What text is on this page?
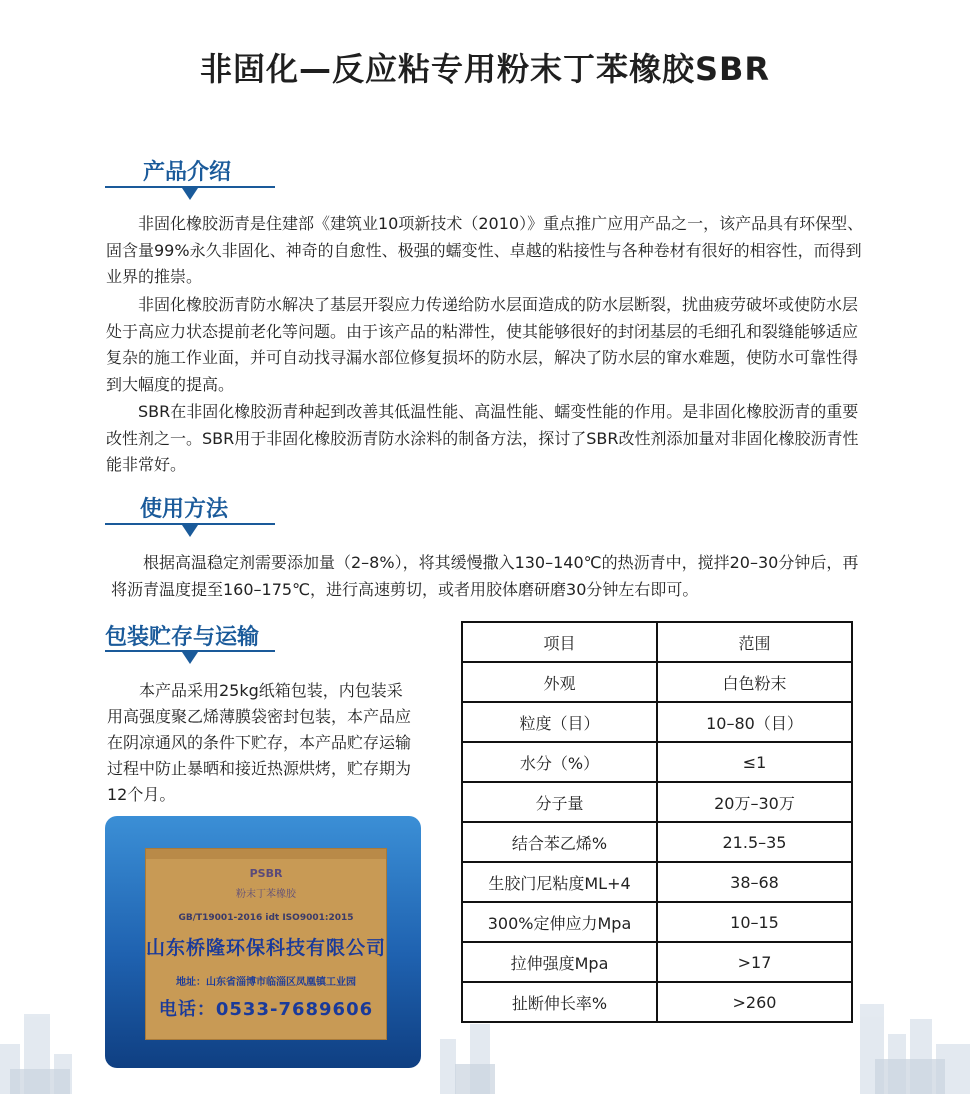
非固化—反应粘专用粉末丁苯橡胶SBR
产品介绍

非固化橡胶沥青是住建部《建筑业10项新技术（2010）》重点推广应用产品之一，该产品具有环保型、固含量99%永久非固化、神奇的自愈性、极强的蠕变性、卓越的粘接性与各种卷材有很好的相容性，而得到业界的推崇。

非固化橡胶沥青防水解决了基层开裂应力传递给防水层面造成的防水层断裂，扰曲疲劳破坏或使防水层处于高应力状态提前老化等问题。由于该产品的粘滞性，使其能够很好的封闭基层的毛细孔和裂缝能够适应复杂的施工作业面，并可自动找寻漏水部位修复损坏的防水层，解决了防水层的窜水难题，使防水可靠性得到大幅度的提高。

SBR在非固化橡胶沥青种起到改善其低温性能、高温性能、蠕变性能的作用。是非固化橡胶沥青的重要改性剂之一。SBR用于非固化橡胶沥青防水涂料的制备方法，探讨了SBR改性剂添加量对非固化橡胶沥青性能非常好。

使用方法

根据高温稳定剂需要添加量（2–8%），将其缓慢撒入130–140℃的热沥青中，搅拌20–30分钟后，再将沥青温度提至160–175℃，进行高速剪切，或者用胶体磨研磨30分钟左右即可。

包装贮存与运输

本产品采用25kg纸箱包装，内包装采用高强度聚乙烯薄膜袋密封包装，本产品应在阴凉通风的条件下贮存，本产品贮存运输过程中防止暴晒和接近热源烘烤，贮存期为12个月。

PSBR
粉末丁苯橡胶
GB/T19001-2016 idt ISO9001:2015
山东桥隆环保科技有限公司
地址：山东省淄博市临淄区凤凰镇工业园
电话：0533-7689606
项目	范围
外观	白色粉末
粒度（目）	10–80（目）
水分（%）	≤1
分子量	20万–30万
结合苯乙烯%	21.5–35
生胶门尼粘度ML+4	38–68
300%定伸应力Mpa	10–15
拉伸强度Mpa	>17
扯断伸长率%	>260
